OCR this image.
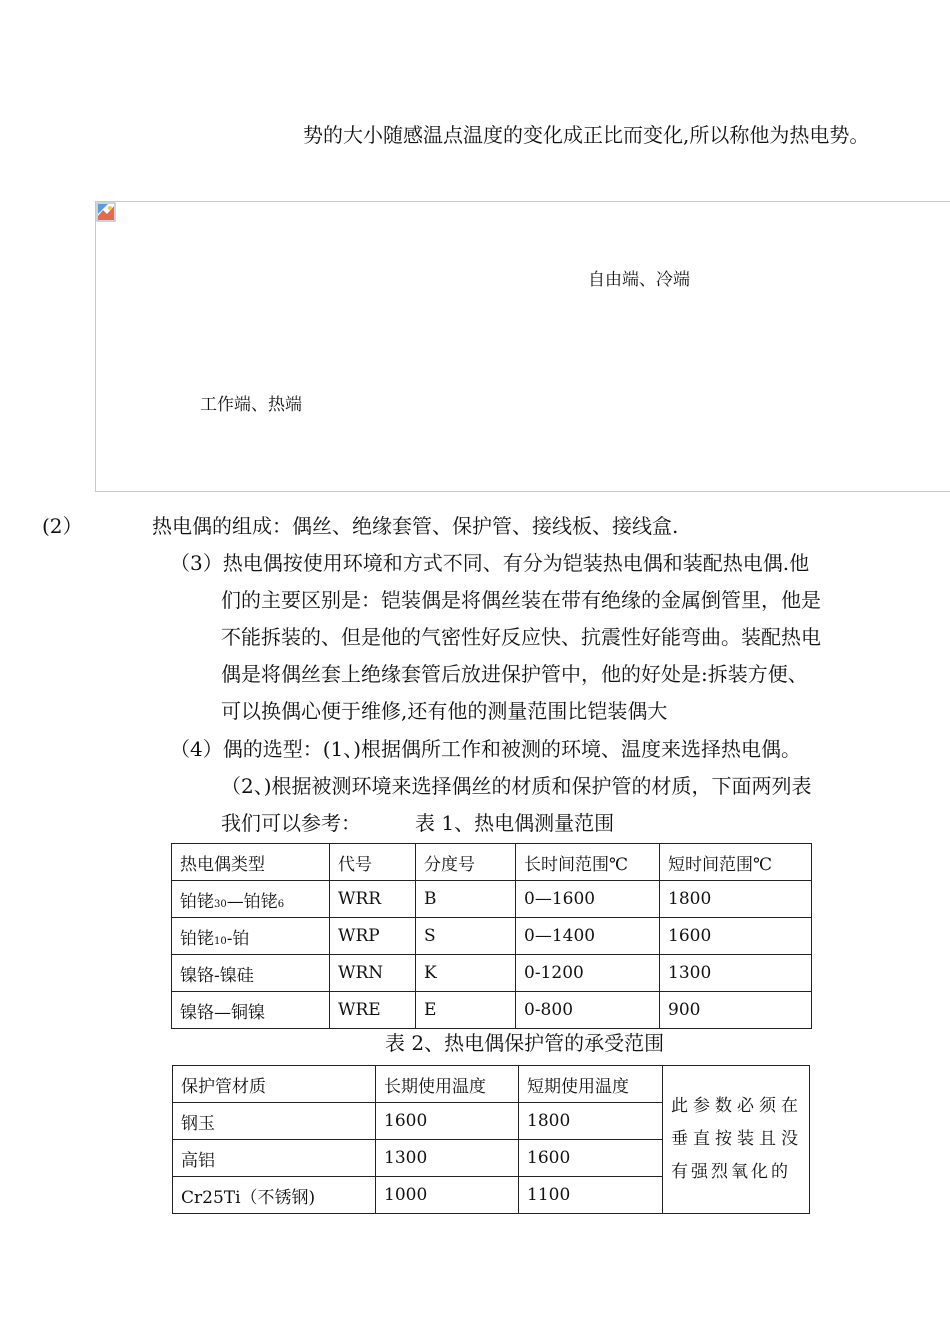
势的大小随感温点温度的变化成正比而变化,所以称他为热电势。

自由端、冷端
工作端、热端
(2）	热电偶的组成：偶丝、绝缘套管、保护管、接线板、接线盒.
（3）热电偶按使用环境和方式不同、有分为铠装热电偶和装配热电偶.他
们的主要区别是：铠装偶是将偶丝装在带有绝缘的金属倒管里，他是
不能拆装的、但是他的气密性好反应快、抗震性好能弯曲。装配热电
偶是将偶丝套上绝缘套管后放进保护管中，他的好处是:拆装方便、
可以换偶心便于维修,还有他的测量范围比铠装偶大
（4）偶的选型：(1、)根据偶所工作和被测的环境、温度来选择热电偶。
（2、)根据被测环境来选择偶丝的材质和保护管的材质，下面两列表
我们可以参考：	表 1、热电偶测量范围
热电偶类型	代号	分度号	长时间范围℃	短时间范围℃
铂铑30—铂铑6	WRR	B	0—1600	1800
铂铑10-铂	WRP	S	0—1400	1600
镍铬-镍硅	WRN	K	0-1200	1300
镍铬—铜镍	WRE	E	0-800	900
表 2、热电偶保护管的承受范围
保护管材质	长期使用温度	短期使用温度	此参数必须在垂直按装且没有强烈氧化的
钢玉	1600	1800	
高铝	1300	1600	
Cr25Ti（不锈钢)	1000	1100	
